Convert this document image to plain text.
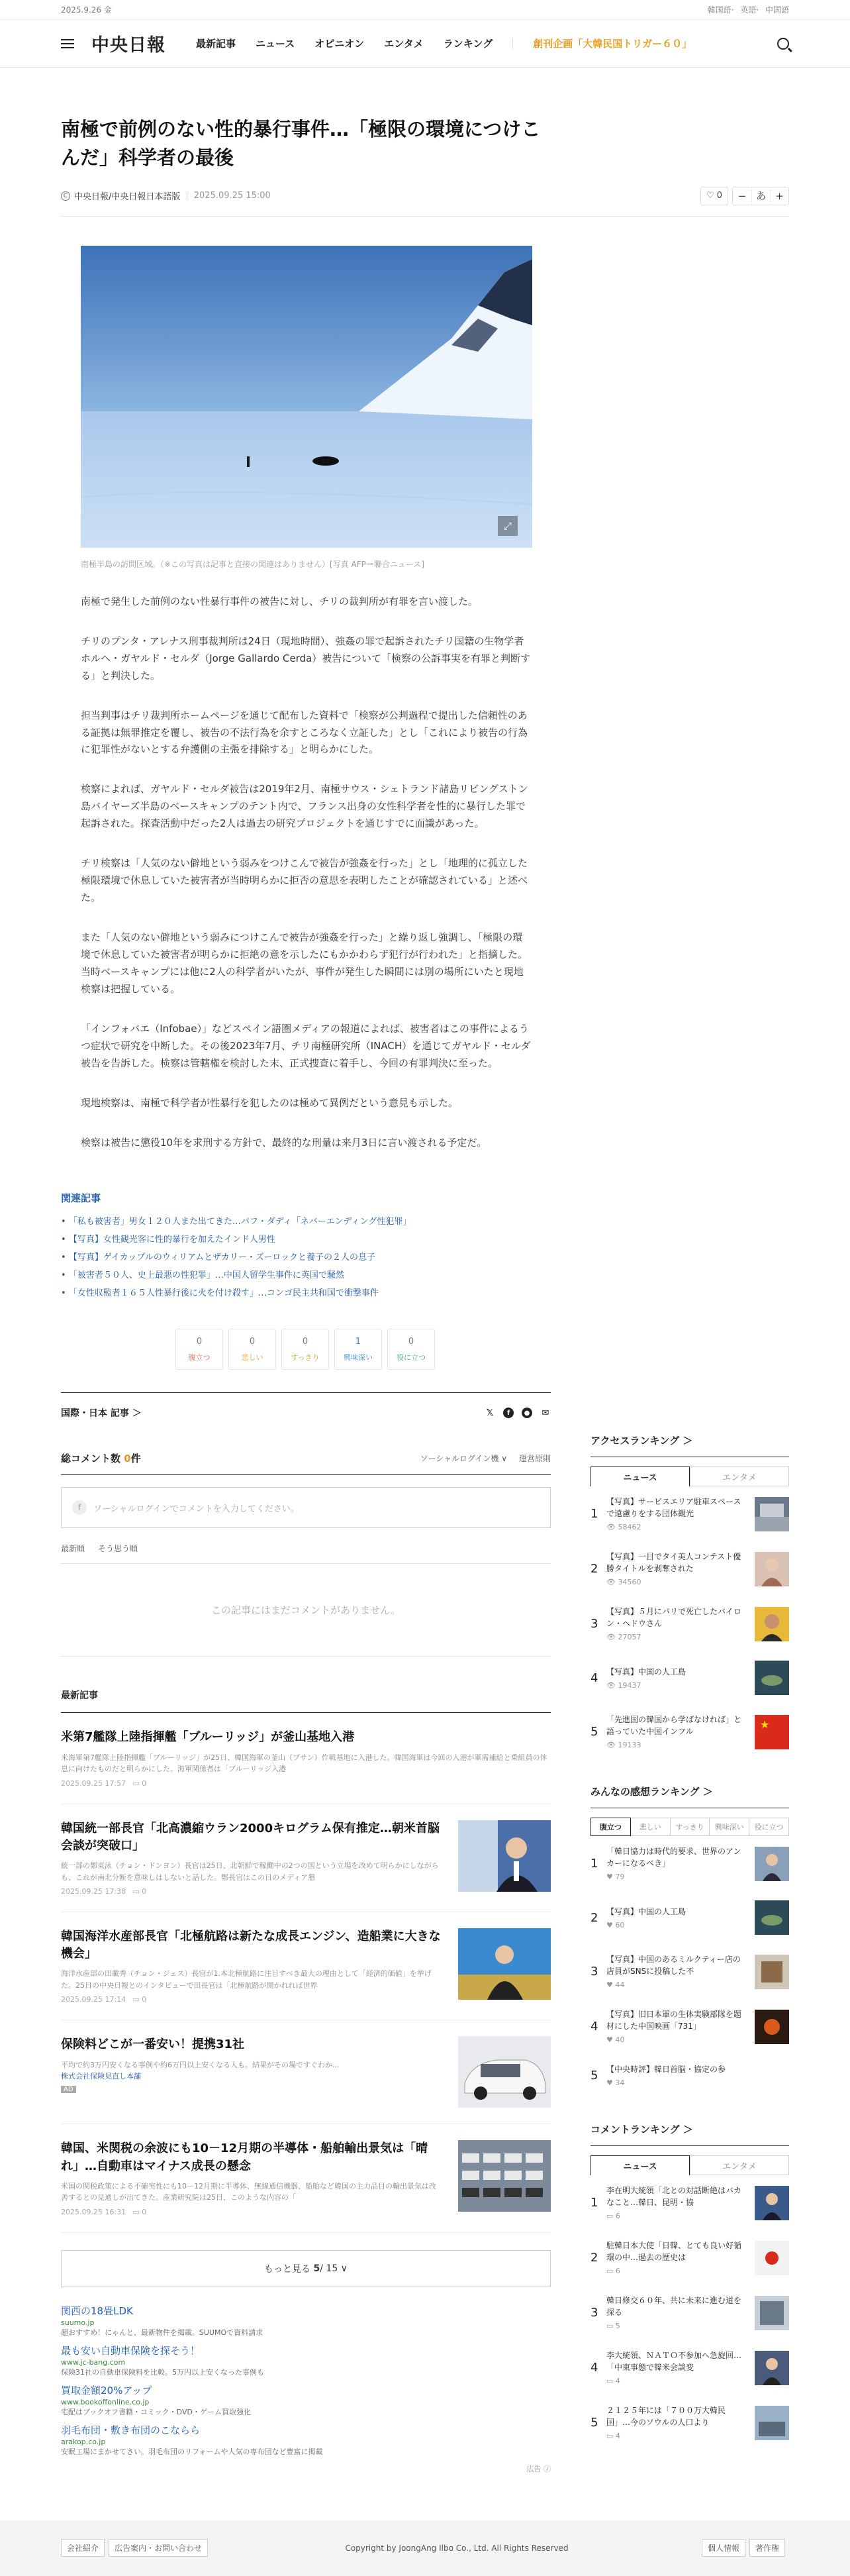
2025.9.26 金	韓国語· 英語· 中国語
中央日報	最新記事 ニュース オピニオン エンタメ ランキング	創刊企画「大韓民国トリガー６０」
南極で前例のない性的暴行事件…「極限の環境につけこんだ」科学者の最後
C 中央日報/中央日報日本語版 | 2025.09.25 15:00	♡ 0	− あ +
⤢
南極半島の訪問区域。（※この写真は記事と直接の関連はありません）[写真 AFP＝聯合ニュース]

南極で発生した前例のない性暴行事件の被告に対し、チリの裁判所が有罪を言い渡した。

チリのプンタ・アレナス刑事裁判所は24日（現地時間）、強姦の罪で起訴されたチリ国籍の生物学者ホルヘ・ガヤルド・セルダ（Jorge Gallardo Cerda）被告について「検察の公訴事実を有罪と判断する」と判決した。

担当判事はチリ裁判所ホームページを通じて配布した資料で「検察が公判過程で提出した信頼性のある証拠は無罪推定を覆し、被告の不法行為を余すところなく立証した」とし「これにより被告の行為に犯罪性がないとする弁護側の主張を排除する」と明らかにした。

検察によれば、ガヤルド・セルダ被告は2019年2月、南極サウス・シェトランド諸島リビングストン島バイヤーズ半島のベースキャンプのテント内で、フランス出身の女性科学者を性的に暴行した罪で起訴された。探査活動中だった2人は過去の研究プロジェクトを通じすでに面識があった。

チリ検察は「人気のない僻地という弱みをつけこんで被告が強姦を行った」とし「地理的に孤立した極限環境で休息していた被害者が当時明らかに拒否の意思を表明したことが確認されている」と述べた。

また「人気のない僻地という弱みにつけこんで被告が強姦を行った」と繰り返し強調し、「極限の環境で休息していた被害者が明らかに拒絶の意を示したにもかかわらず犯行が行われた」と指摘した。当時ベースキャンプには他に2人の科学者がいたが、事件が発生した瞬間には別の場所にいたと現地検察は把握している。

「インフォバエ（Infobae）」などスペイン語圏メディアの報道によれば、被害者はこの事件によるうつ症状で研究を中断した。その後2023年7月、チリ南極研究所（INACH）を通じてガヤルド・セルダ被告を告訴した。検察は管轄権を検討した末、正式捜査に着手し、今回の有罪判決に至った。

現地検察は、南極で科学者が性暴行を犯したのは極めて異例だという意見も示した。

検察は被告に懲役10年を求刑する方針で、最終的な刑量は来月3日に言い渡される予定だ。

関連記事
• 「私も被害者」男女１２０人また出てきた…パフ・ダディ「ネバーエンディング性犯罪」
• 【写真】女性観光客に性的暴行を加えたインド人男性
• 【写真】ゲイカップルのウィリアムとザカリー・ズーロックと養子の２人の息子
• 「被害者５０人、史上最悪の性犯罪」…中国人留学生事件に英国で騒然
• 「女性収監者１６５人性暴行後に火を付け殺す」…コンゴ民主共和国で衝撃事件
0
腹立つ
0
悲しい
0
すっきり
1
興味深い
0
役に立つ
国際・日本 記事 ＞	𝕏	f	● ✉
総コメント数 0件	ソーシャルログイン機 ∨ 運営原則
f	ソーシャルログインでコメントを入力してください。
最新順 そう思う順
この記事にはまだコメントがありません。
最新記事
米第7艦隊上陸指揮艦「ブルーリッジ」が釜山基地入港
米海軍第7艦隊上陸指揮艦「ブルーリッジ」が25日、韓国海軍の釜山（プサン）作戦基地に入港した。韓国海軍は今回の入港が軍需補給と乗組員の休息に向けたものだと明らかにした。海軍関係者は「ブルーリッジ入港
2025.09.25 17:57 ▭ 0
韓国統一部長官「北高濃縮ウラン2000キログラム保有推定…朝米首脳会談が突破口」
統一部の鄭東泳（チョン・ドンヨン）長官は25日、北朝鮮で稼働中の2つの国という立場を改めて明らかにしながらも、これが南北分断を意味しはしないと話した。鄭長官はこの日のメディア懇
2025.09.25 17:38 ▭ 0
韓国海洋水産部長官「北極航路は新たな成長エンジン、造船業に大きな機会」
海洋水産部の田載秀（チョン・ジェス）長官が1.本北極航路に注目すべき最大の理由として「経済的価値」を挙げた。25日の中央日報とのインタビューで田長官は「北極航路が開かれれば世界
2025.09.25 17:14 ▭ 0
保険料どこが一番安い！提携31社
平均で約3万円安くなる事例や約6万円以上安くなる人も。結果がその場ですぐわか...
株式会社保険見直し本舗
AD
韓国、米関税の余波にも10－12月期の半導体・船舶輸出景気は「晴れ」…自動車はマイナス成長の懸念
米国の関税政策による不確実性にも10－12月期に半導体、無線通信機器、船舶など韓国の主力品目の輸出景気は改善するとの見通しが出てきた。産業研究院は25日、このような内容の「
2025.09.25 16:31 ▭ 0
もっと見る
5 / 15 ∨
関西の18畳LDK
suumo.jp
超おすすめ！にゃんと、最新物件を掲載。SUUMOで資料請求
最も安い自動車保険を探そう！
www.jc-bang.com
保険31社の自動車保険料を比較。5万円以上安くなった事例も
買取金額20%アップ
www.bookoffonline.co.jp
宅配はブックオフ書籍・コミック・DVD・ゲーム買取強化
羽毛布団・敷き布団のこならら
arakop.co.jp
安眠工場にまかせてさい。羽毛布団のリフォームや人気の専布団など豊富に掲載
広告 ⓘ
アクセスランキング ＞
ニュース	エンタメ
1
【写真】サービスエリア駐車スペースで遠慮りをする団体観光
👁 58462
2
【写真】一目でタイ美人コンテスト優勝タイトルを剥奪された
👁 34560
3
【写真】５月にパリで死亡したバイロン・ヘドウさん
👁 27057
4	【写真】中国の人工島
👁 19437
5
「先進国の韓国から学ばなければ」と語っていた中国インフル
👁 19133
★
みんなの感想ランキング ＞
腹立つ	悲しい	すっきり	興味深い	役に立つ
1
「韓日協力は時代的要求、世界のアンカーになるべき」
♥ 79
2	【写真】中国の人工島
♥ 60
3
【写真】中国のあるミルクティー店の店員がSNSに投稿した不
♥ 44
4
【写真】旧日本軍の生体実験部隊を題材にした中国映画「731」
♥ 40
5	【中央時評】韓日首脳・協定の参
♥ 34
コメントランキング ＞
ニュース	エンタメ
1
李在明大統領「北との対話断絶はバカなこと…韓日、昆明・協
▭ 6
2
駐韓日本大使「日韓、とても良い好循環の中…過去の歴史は
▭ 6
3
韓日修交６０年、共に未来に進む道を探る
▭ 5
4
李大統領、ＮＡＴＯ不参加へ急旋回…「中東事態で韓米会談変
▭ 4
5
２１２５年には「７００万大韓民国」…今のソウルの人口より
▭ 4
会社紹介	広告案内・お問い合わせ	Copyright by JoongAng Ilbo Co., Ltd. All Rights Reserved	個人情報	著作権
